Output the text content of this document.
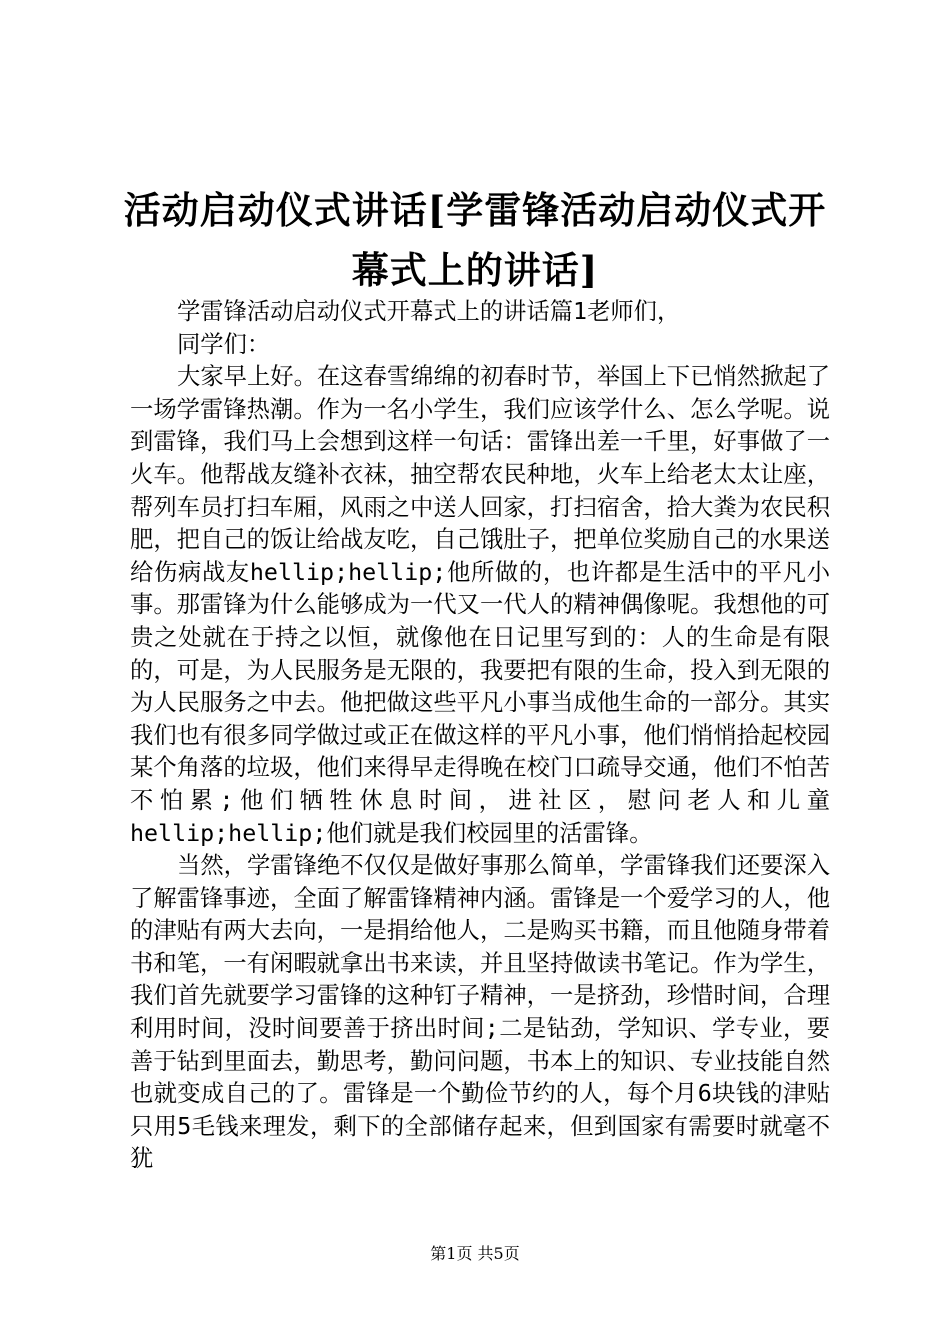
活动启动仪式讲话[学雷锋活动启动仪式开幕式上的讲话]

学雷锋活动启动仪式开幕式上的讲话篇1老师们，

同学们：

大家早上好。在这春雪绵绵的初春时节，举国上下已悄然掀起了一场学雷锋热潮。作为一名小学生，我们应该学什么、怎么学呢。说到雷锋，我们马上会想到这样一句话：雷锋出差一千里，好事做了一火车。他帮战友缝补衣袜，抽空帮农民种地，火车上给老太太让座，帮列车员打扫车厢，风雨之中送人回家，打扫宿舍，拾大粪为农民积肥，把自己的饭让给战友吃，自己饿肚子，把单位奖励自己的水果送给伤病战友hellip;hellip;他所做的，也许都是生活中的平凡小事。那雷锋为什么能够成为一代又一代人的精神偶像呢。我想他的可贵之处就在于持之以恒，就像他在日记里写到的：人的生命是有限的，可是，为人民服务是无限的，我要把有限的生命，投入到无限的为人民服务之中去。他把做这些平凡小事当成他生命的一部分。其实我们也有很多同学做过或正在做这样的平凡小事，他们悄悄拾起校园某个角落的垃圾，他们来得早走得晚在校门口疏导交通，他们不怕苦不怕累;他们牺牲休息时间，进社区，慰问老人和儿童hellip;hellip;他们就是我们校园里的活雷锋。

当然，学雷锋绝不仅仅是做好事那么简单，学雷锋我们还要深入了解雷锋事迹，全面了解雷锋精神内涵。雷锋是一个爱学习的人，他的津贴有两大去向，一是捐给他人，二是购买书籍，而且他随身带着书和笔，一有闲暇就拿出书来读，并且坚持做读书笔记。作为学生，我们首先就要学习雷锋的这种钉子精神，一是挤劲，珍惜时间，合理利用时间，没时间要善于挤出时间;二是钻劲，学知识、学专业，要善于钻到里面去，勤思考，勤问问题，书本上的知识、专业技能自然也就变成自己的了。雷锋是一个勤俭节约的人，每个月6块钱的津贴只用5毛钱来理发，剩下的全部储存起来，但到国家有需要时就毫不犹

第1页 共5页
